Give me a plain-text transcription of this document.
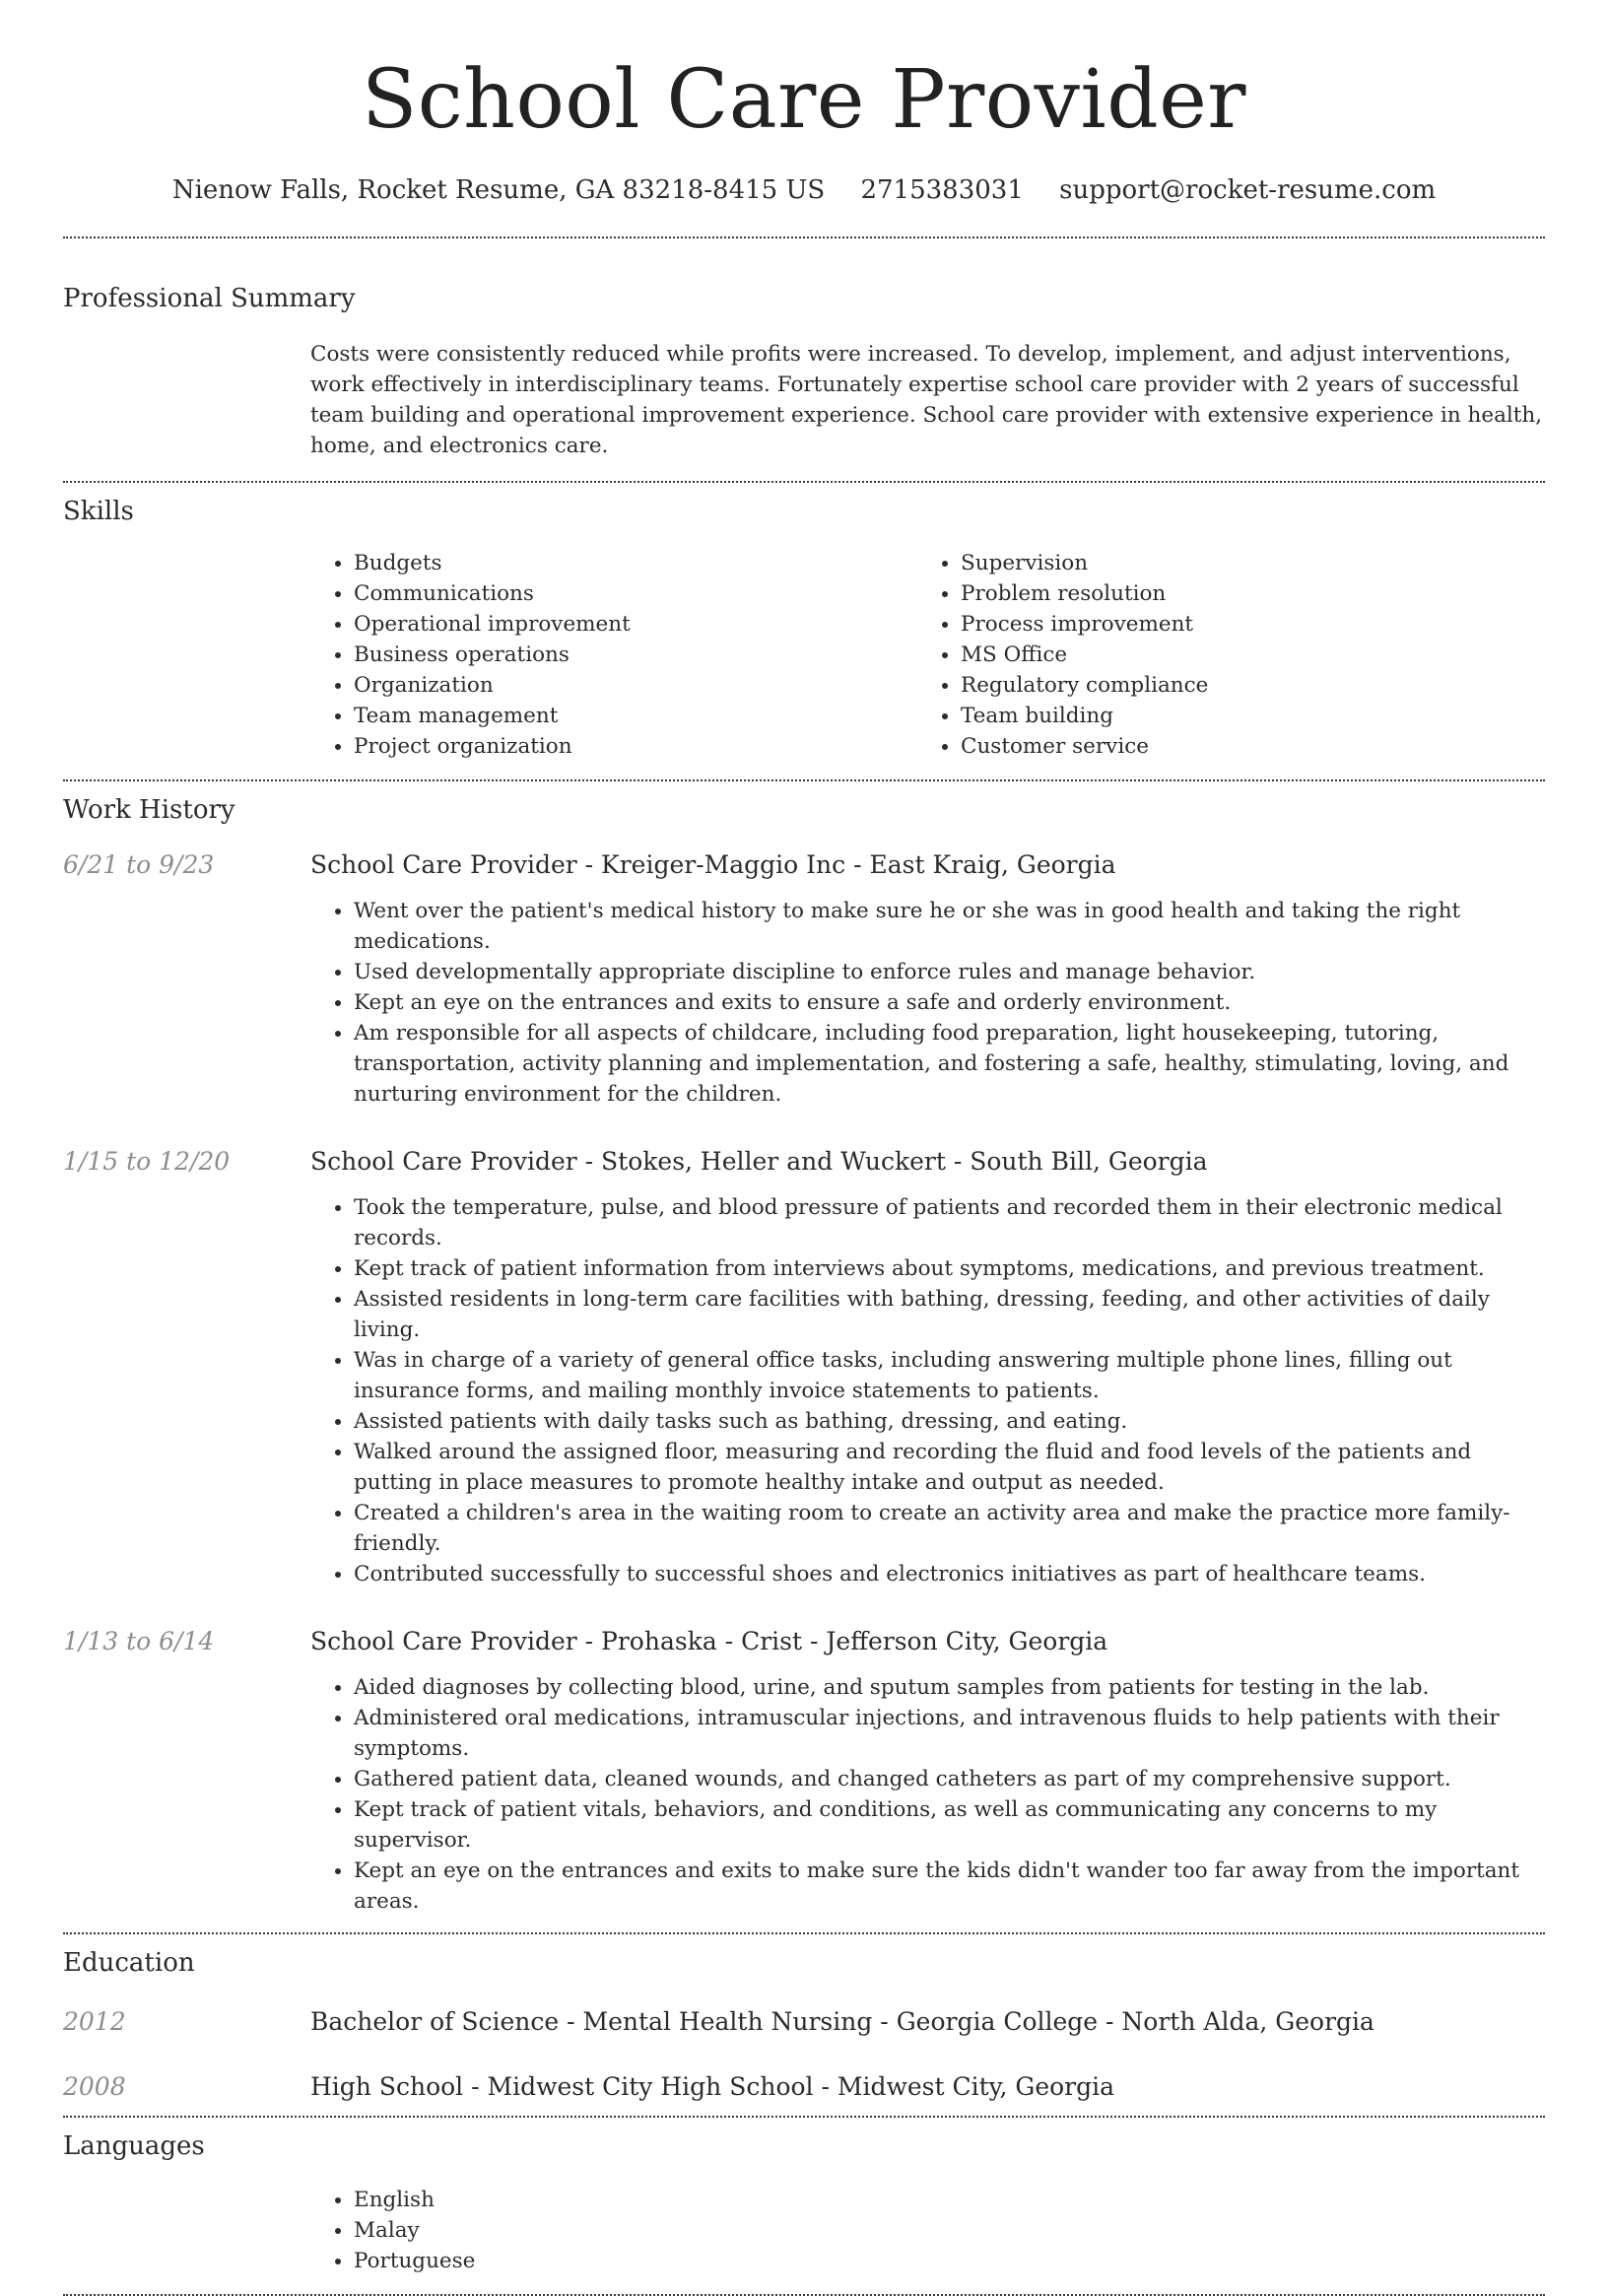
School Care Provider
Nienow Falls, Rocket Resume, GA 83218-8415 US 2715383031 support@rocket-resume.com
Professional Summary
Costs were consistently reduced while profits were increased. To develop, implement, and adjust interventions, work effectively in interdisciplinary teams. Fortunately expertise school care provider with 2 years of successful team building and operational improvement experience. School care provider with extensive experience in health, home, and electronics care.
Skills
• Budgets
• Communications
• Operational improvement
• Business operations
• Organization
• Team management
• Project organization
• Supervision
• Problem resolution
• Process improvement
• MS Office
• Regulatory compliance
• Team building
• Customer service
Work History
6/21 to 9/23	School Care Provider - Kreiger-Maggio Inc - East Kraig, Georgia
• Went over the patient's medical history to make sure he or she was in good health and taking the right medications.
• Used developmentally appropriate discipline to enforce rules and manage behavior.
• Kept an eye on the entrances and exits to ensure a safe and orderly environment.
• Am responsible for all aspects of childcare, including food preparation, light housekeeping, tutoring, transportation, activity planning and implementation, and fostering a safe, healthy, stimulating, loving, and nurturing environment for the children.
1/15 to 12/20	School Care Provider - Stokes, Heller and Wuckert - South Bill, Georgia
• Took the temperature, pulse, and blood pressure of patients and recorded them in their electronic medical records.
• Kept track of patient information from interviews about symptoms, medications, and previous treatment.
• Assisted residents in long-term care facilities with bathing, dressing, feeding, and other activities of daily living.
• Was in charge of a variety of general office tasks, including answering multiple phone lines, filling out insurance forms, and mailing monthly invoice statements to patients.
• Assisted patients with daily tasks such as bathing, dressing, and eating.
• Walked around the assigned floor, measuring and recording the fluid and food levels of the patients and putting in place measures to promote healthy intake and output as needed.
• Created a children's area in the waiting room to create an activity area and make the practice more family-friendly.
• Contributed successfully to successful shoes and electronics initiatives as part of healthcare teams.
1/13 to 6/14	School Care Provider - Prohaska - Crist - Jefferson City, Georgia
• Aided diagnoses by collecting blood, urine, and sputum samples from patients for testing in the lab.
• Administered oral medications, intramuscular injections, and intravenous fluids to help patients with their symptoms.
• Gathered patient data, cleaned wounds, and changed catheters as part of my comprehensive support.
• Kept track of patient vitals, behaviors, and conditions, as well as communicating any concerns to my supervisor.
• Kept an eye on the entrances and exits to make sure the kids didn't wander too far away from the important areas.
Education
2012	Bachelor of Science - Mental Health Nursing - Georgia College - North Alda, Georgia
2008	High School - Midwest City High School - Midwest City, Georgia
Languages
• English
• Malay
• Portuguese
